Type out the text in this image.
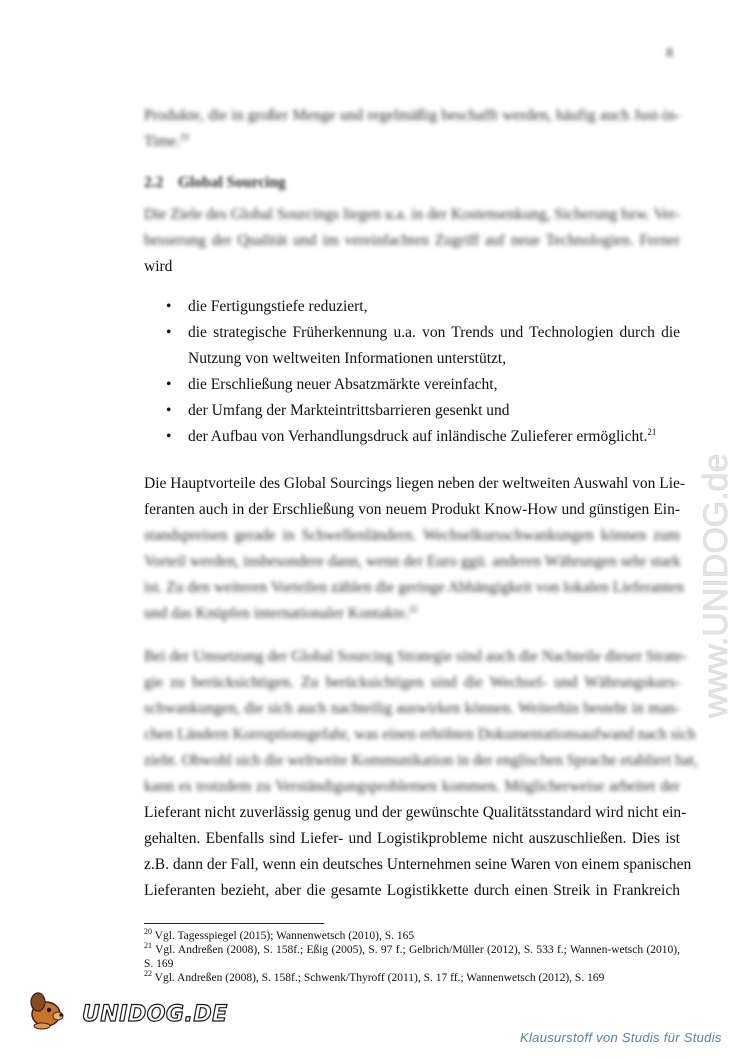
8
Produkte, die in großer Menge und regelmäßig beschafft werden, häufig auch Just-in-
Time.$^{20}$
2.2 Global Sourcing
Die Ziele des Global Sourcings liegen u.a. in der Kostensenkung, Sicherung bzw. Ver-
besserung der Qualität und im vereinfachten Zugriff auf neue Technologien. Ferner
wird
• die Fertigungstiefe reduziert,
• die strategische Früherkennung u.a. von Trends und Technologien durch die Nutzung von weltweiten Informationen unterstützt,
• die Erschließung neuer Absatzmärkte vereinfacht,
• der Umfang der Markteintrittsbarrieren gesenkt und
• der Aufbau von Verhandlungsdruck auf inländische Zulieferer ermöglicht.$^{21}$
Die Hauptvorteile des Global Sourcings liegen neben der weltweiten Auswahl von Lie-
feranten auch in der Erschließung von neuem Produkt Know-How und günstigen Ein-
standspreisen gerade in Schwellenländern. Wechselkursschwankungen können zum
Vorteil werden, insbesondere dann, wenn der Euro ggü. anderen Währungen sehr stark
ist. Zu den weiteren Vorteilen zählen die geringe Abhängigkeit von lokalen Lieferanten
und das Knüpfen internationaler Kontakte.$^{22}$
Bei der Umsetzung der Global Sourcing Strategie sind auch die Nachteile dieser Strate-
gie zu berücksichtigen. Zu berücksichtigen sind die Wechsel- und Währungskurs-
schwankungen, die sich auch nachteilig auswirken können. Weiterhin besteht in man-
chen Ländern Korruptionsgefahr, was einen erhöhten Dokumentationsaufwand nach sich
zieht. Obwohl sich die weltweite Kommunikation in der englischen Sprache etabliert hat,
kann es trotzdem zu Verständigungsproblemen kommen. Möglicherweise arbeitet der
Lieferant nicht zuverlässig genug und der gewünschte Qualitätsstandard wird nicht ein-
gehalten. Ebenfalls sind Liefer- und Logistikprobleme nicht auszuschließen. Dies ist
z.B. dann der Fall, wenn ein deutsches Unternehmen seine Waren von einem spanischen
Lieferanten bezieht, aber die gesamte Logistikkette durch einen Streik in Frankreich
$^{20}$ Vgl. Tagesspiegel (2015); Wannenwetsch (2010), S. 165
$^{21}$ Vgl. Andreßen (2008), S. 158f.; Eßig (2005), S. 97 f.; Gelbrich/Müller (2012), S. 533 f.; Wannen-wetsch (2010), S. 169
$^{22}$ Vgl. Andreßen (2008), S. 158f.; Schwenk/Thyroff (2011), S. 17 ff.; Wannenwetsch (2012), S. 169
www.UNIDOG.de
UNIDOG.DE
Klausurstoff von Studis für Studis
